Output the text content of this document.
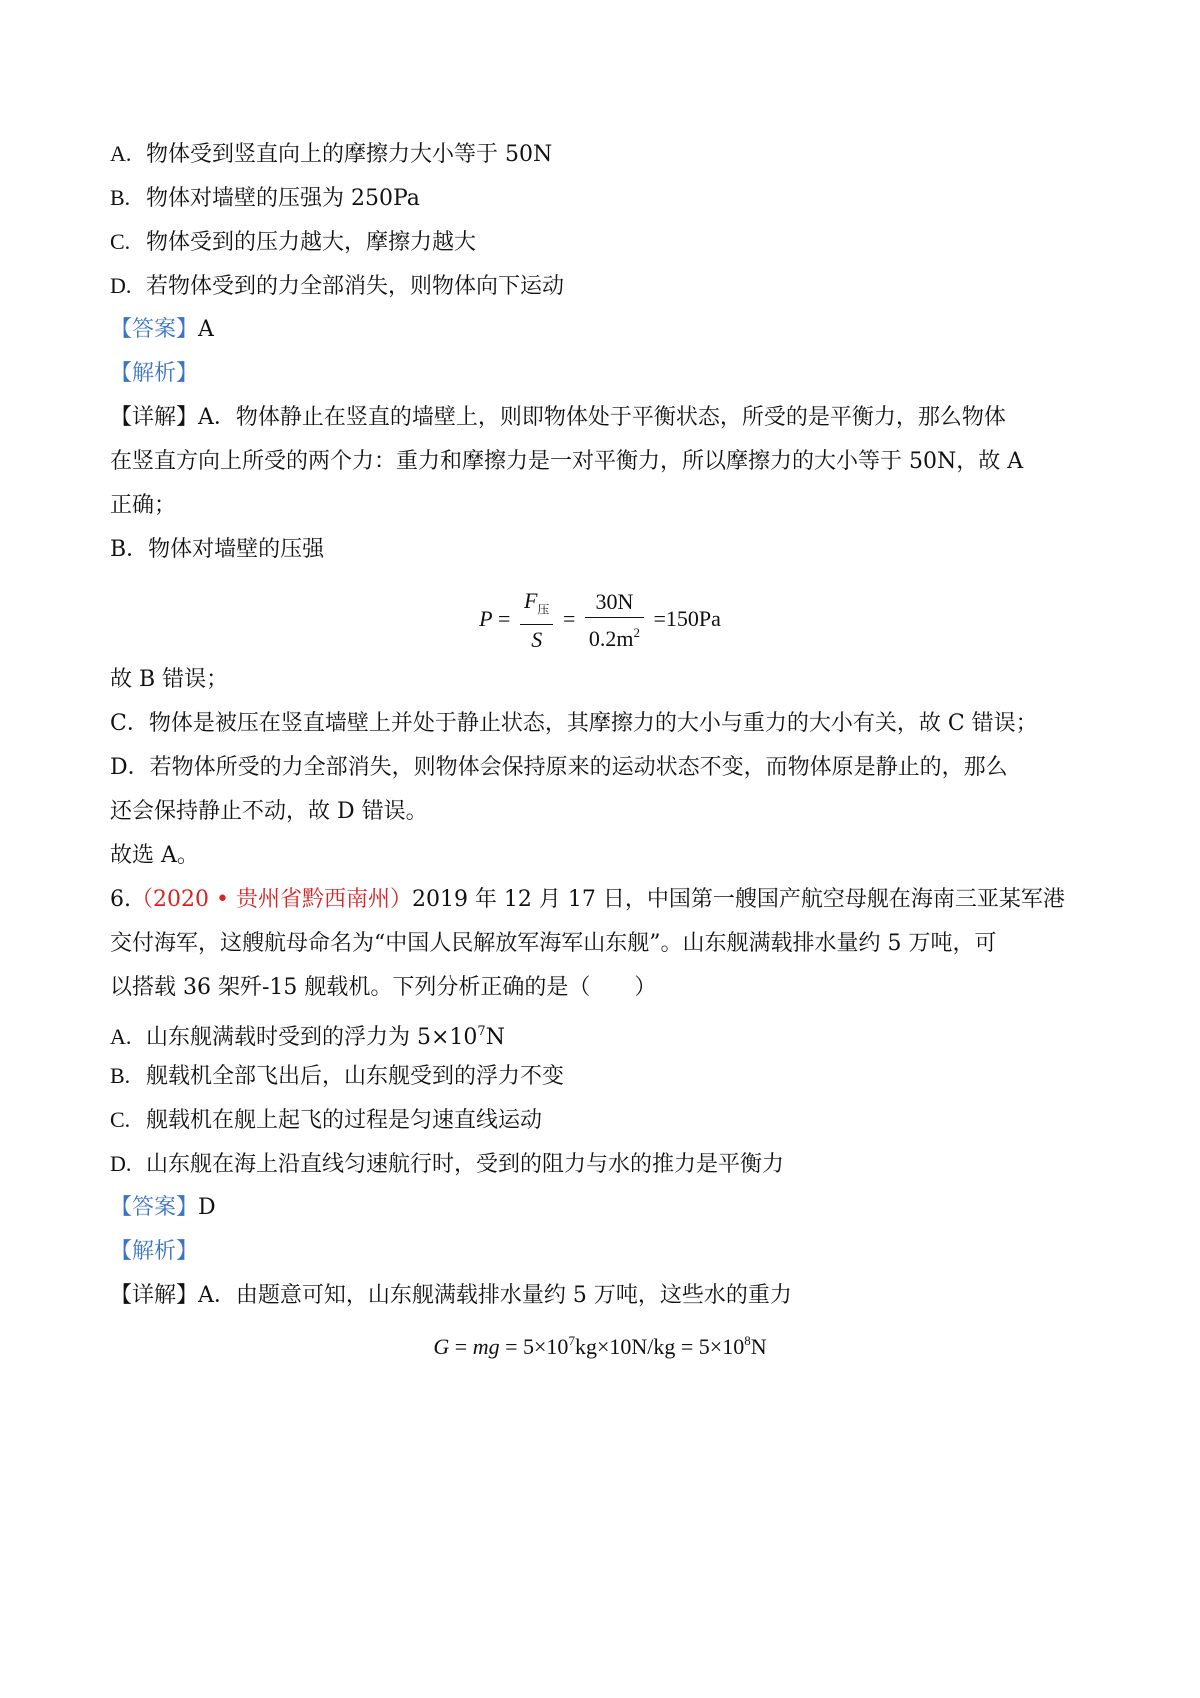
A. 物体受到竖直向上的摩擦力大小等于 50N
B. 物体对墙壁的压强为 250Pa
C. 物体受到的压力越大，摩擦力越大
D. 若物体受到的力全部消失，则物体向下运动
【答案】A
【解析】
【详解】A．物体静止在竖直的墙壁上，则即物体处于平衡状态，所受的是平衡力，那么物体
在竖直方向上所受的两个力：重力和摩擦力是一对平衡力，所以摩擦力的大小等于 50N，故 A
正确；
B．物体对墙壁的压强
$P = \frac{F_压}{S} = \frac{30N}{0.2m^2} =150Pa$
故 B 错误；
C．物体是被压在竖直墙壁上并处于静止状态，其摩擦力的大小与重力的大小有关，故 C 错误；
D．若物体所受的力全部消失，则物体会保持原来的运动状态不变，而物体原是静止的，那么
还会保持静止不动，故 D 错误。
故选 A。
6.（2020 • 贵州省黔西南州）2019 年 12 月 17 日，中国第一艘国产航空母舰在海南三亚某军港
交付海军，这艘航母命名为“中国人民解放军海军山东舰”。山东舰满载排水量约 5 万吨，可
以搭载 36 架歼-15 舰载机。下列分析正确的是（　　）
A. 山东舰满载时受到的浮力为 $5\times 10^7N$
B. 舰载机全部飞出后，山东舰受到的浮力不变
C. 舰载机在舰上起飞的过程是匀速直线运动
D. 山东舰在海上沿直线匀速航行时，受到的阻力与水的推力是平衡力
【答案】D
【解析】
【详解】A．由题意可知，山东舰满载排水量约 5 万吨，这些水的重力
G = mg = $5\times 10^7kg\times 10N/kg = 5\times 10^8N$
